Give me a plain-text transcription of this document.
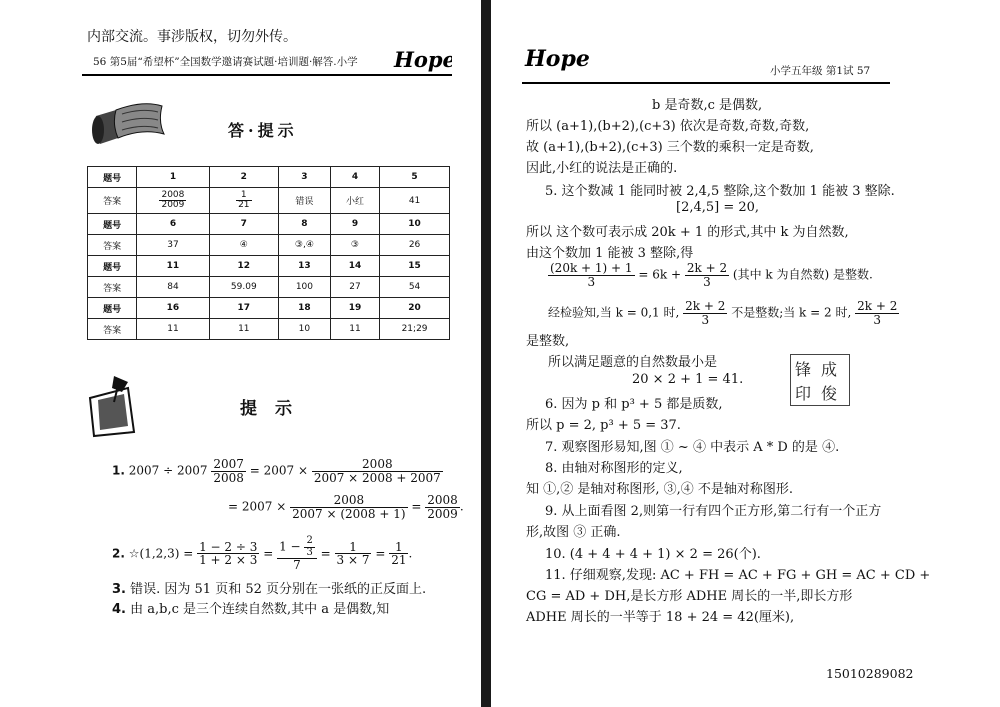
内部交流。事涉版权，切勿外传。
56 第5届“希望杯”全国数学邀请赛试题·培训题·解答.小学 Hope
答·提示
题号	1	2	3	4	5
答案	$\frac{2008}{2009}$	$\frac{1}{21}$	错误	小红	41
题号	6	7	8	9	10
答案	37	④	③,④	③	26
题号	11	12	13	14	15
答案	84	59.09	100	27	54
题号	16	17	18	19	20
答案	11	11	10	11	21;29
提示
1. $2007 \div 2007 \frac{2007}{2008} = 2007 \times \frac{2008}{2007 \times 2008 + 2007}$
= $2007 \times \frac{2008}{2007 \times (2008 + 1)} = \frac{2008}{2009}$ .
2. ☆(1,2,3) = $\frac{1 - 2 \div 3}{1 + 2 \times 3} = \frac{1 - \frac{2}{3}}{7} = \frac{1}{3 \times 7} = \frac{1}{21}$ .
3. 错误. 因为 51 页和 52 页分别在一张纸的正反面上.
4. 由 a,b,c 是三个连续自然数,其中 a 是偶数,知
Hope	小学五年级 第1试 57
b 是奇数,c 是偶数,
所以 (a+1),(b+2),(c+3) 依次是奇数,奇数,奇数,
故 (a+1),(b+2),(c+3) 三个数的乘积一定是奇数,
因此,小红的说法是正确的.
5. 这个数减 1 能同时被 2,4,5 整除,这个数加 1 能被 3 整除.
[2,4,5] = 20,
所以 这个数可表示成 20k + 1 的形式,其中 k 为自然数,
由这个数加 1 能被 3 整除,得
$\frac{(20k + 1) + 1}{3} = 6k + \frac{2k + 2}{3}$ (其中 k 为自然数) 是整数.
经检验知,当 k = 0,1 时, $\frac{2k + 2}{3}$ 不是整数;当 k = 2 时, $\frac{2k + 2}{3}$
是整数,
所以满足题意的自然数最小是
20 × 2 + 1 = 41.
锋 成
印 俊
6. 因为 p 和 p³ + 5 都是质数,
所以 p = 2, p³ + 5 = 37.
7. 观察图形易知,图 ① ~ ④ 中表示 A * D 的是 ④.
8. 由轴对称图形的定义,
知 ①,② 是轴对称图形, ③,④ 不是轴对称图形.
9. 从上面看图 2,则第一行有四个正方形,第二行有一个正方
形,故图 ③ 正确.
10. (4 + 4 + 4 + 1) × 2 = 26(个).
11. 仔细观察,发现: AC + FH = AC + FG + GH = AC + CD +
CG = AD + DH,是长方形 ADHE 周长的一半,即长方形
ADHE 周长的一半等于 18 + 24 = 42(厘米),
15010289082
